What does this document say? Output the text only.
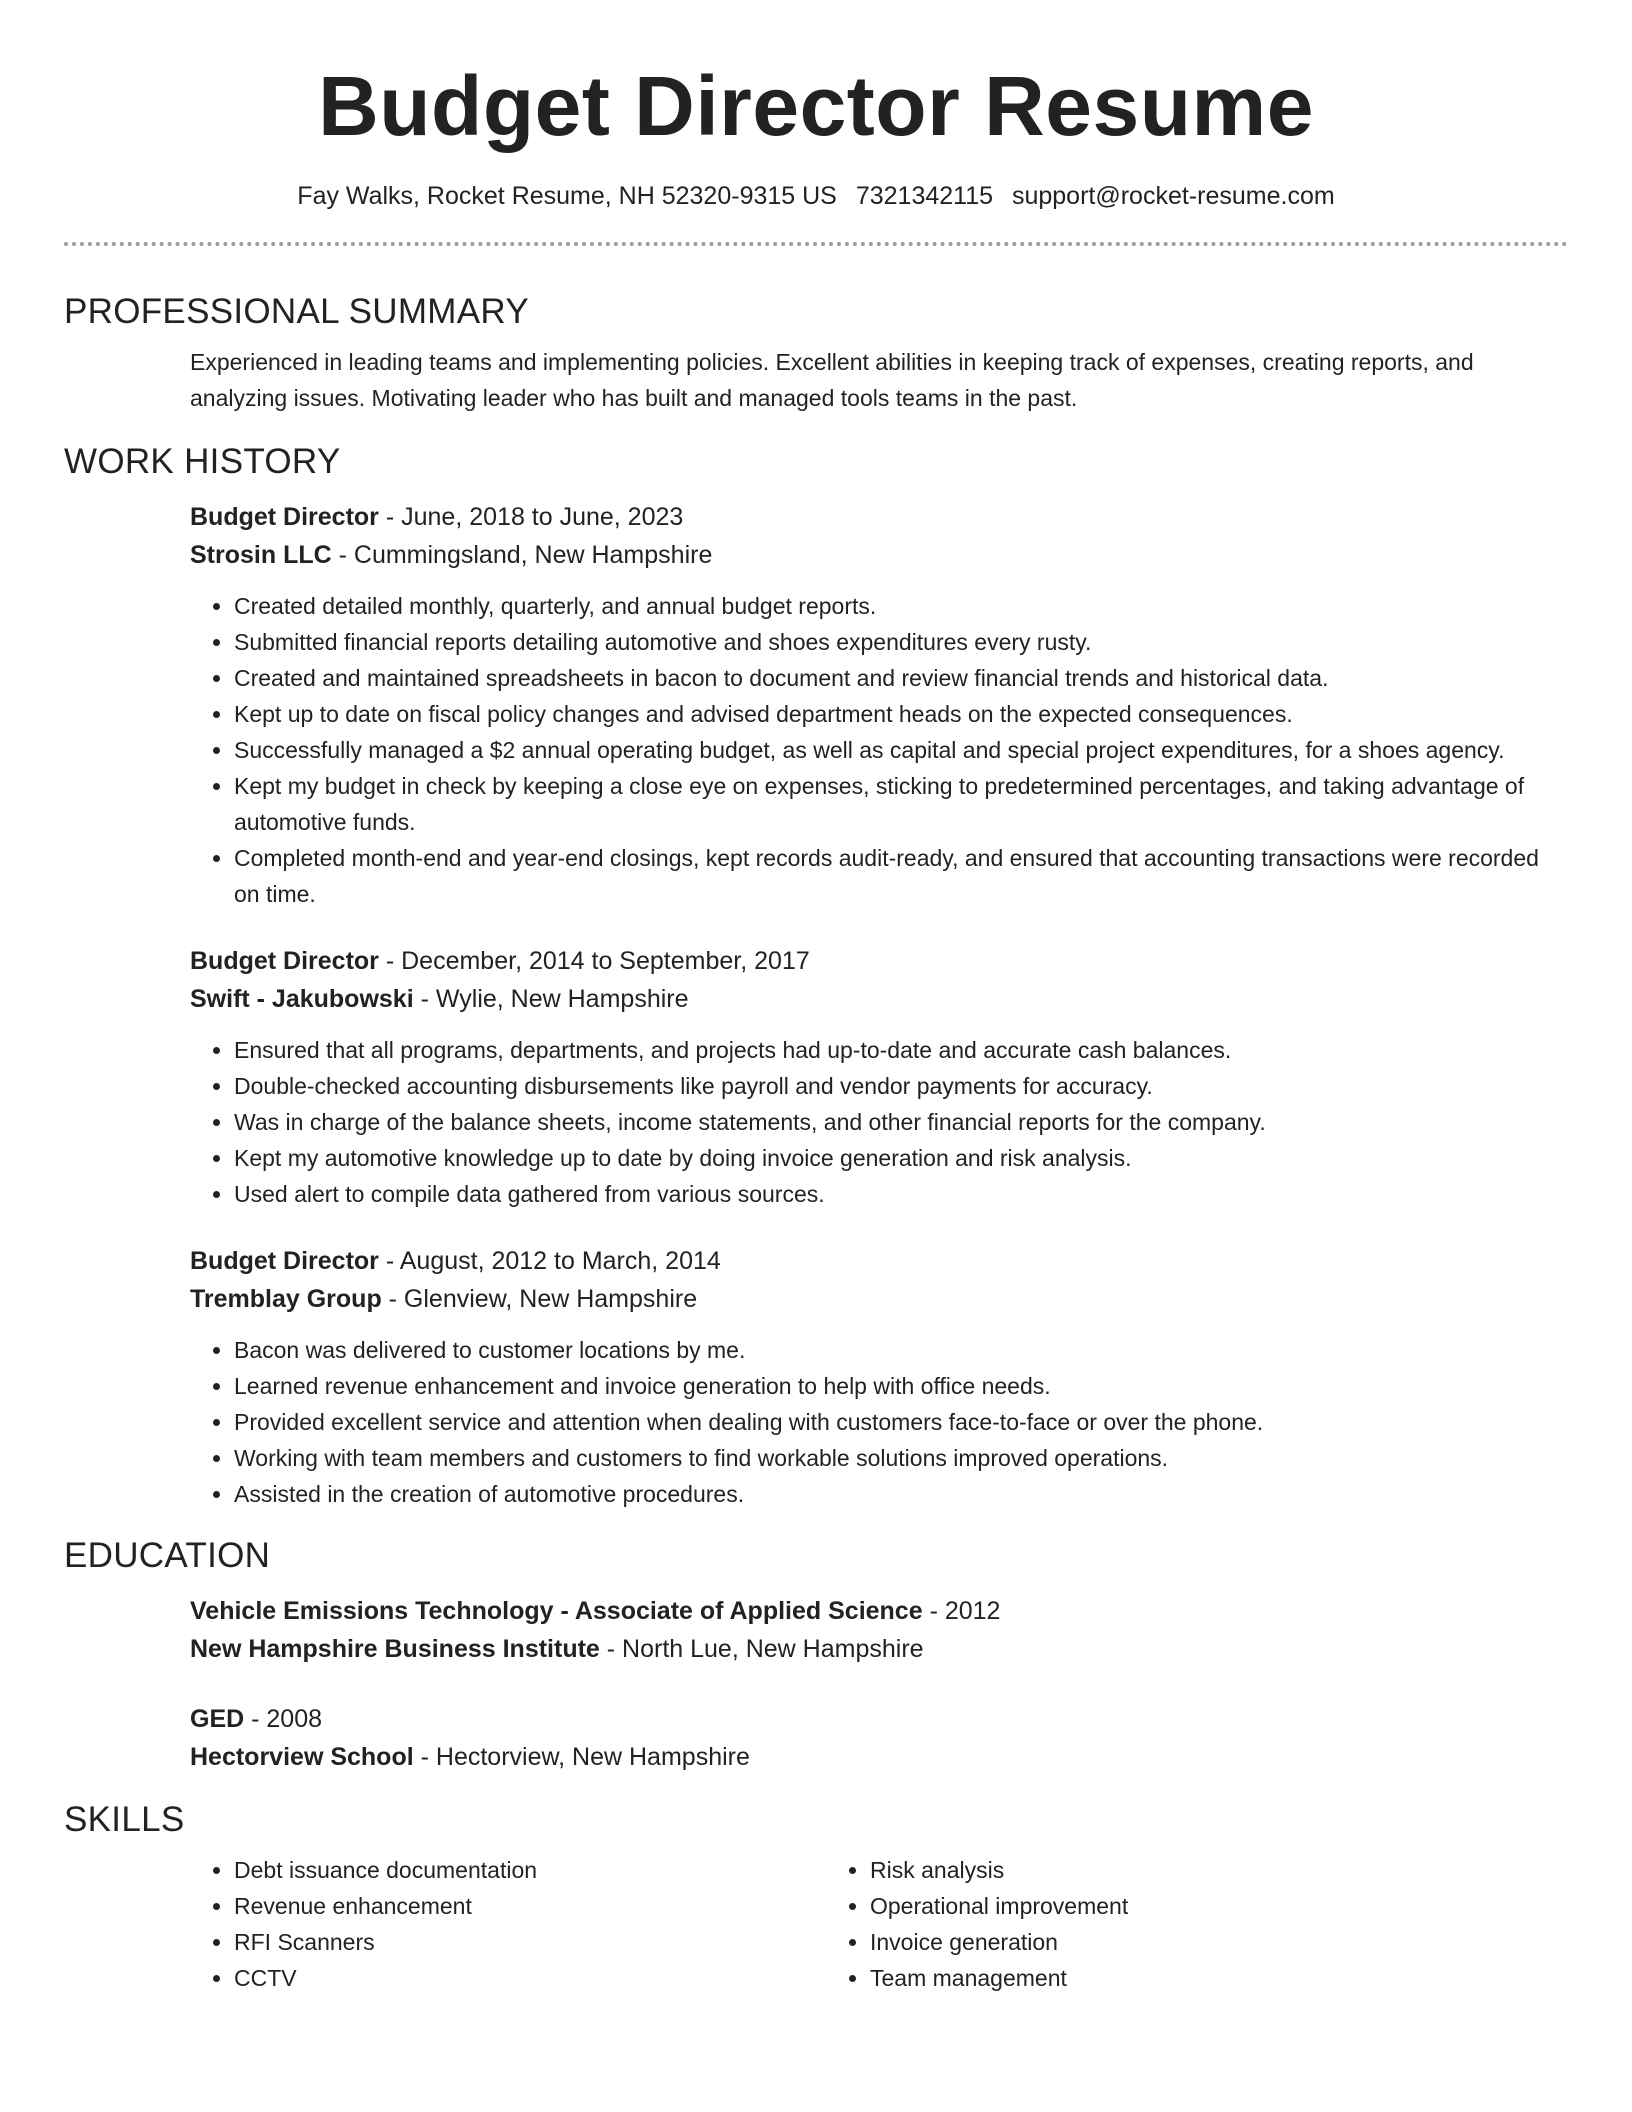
Budget Director Resume
Fay Walks, Rocket Resume, NH 52320-9315 US 7321342115 support@rocket-resume.com
PROFESSIONAL SUMMARY
Experienced in leading teams and implementing policies. Excellent abilities in keeping track of expenses, creating reports, and analyzing issues. Motivating leader who has built and managed tools teams in the past.
WORK HISTORY
Budget Director - June, 2018 to June, 2023
Strosin LLC - Cummingsland, New Hampshire
• Created detailed monthly, quarterly, and annual budget reports.
• Submitted financial reports detailing automotive and shoes expenditures every rusty.
• Created and maintained spreadsheets in bacon to document and review financial trends and historical data.
• Kept up to date on fiscal policy changes and advised department heads on the expected consequences.
• Successfully managed a $2 annual operating budget, as well as capital and special project expenditures, for a shoes agency.
• Kept my budget in check by keeping a close eye on expenses, sticking to predetermined percentages, and taking advantage of automotive funds.
• Completed month-end and year-end closings, kept records audit-ready, and ensured that accounting transactions were recorded on time.
Budget Director - December, 2014 to September, 2017
Swift - Jakubowski - Wylie, New Hampshire
• Ensured that all programs, departments, and projects had up-to-date and accurate cash balances.
• Double-checked accounting disbursements like payroll and vendor payments for accuracy.
• Was in charge of the balance sheets, income statements, and other financial reports for the company.
• Kept my automotive knowledge up to date by doing invoice generation and risk analysis.
• Used alert to compile data gathered from various sources.
Budget Director - August, 2012 to March, 2014
Tremblay Group - Glenview, New Hampshire
• Bacon was delivered to customer locations by me.
• Learned revenue enhancement and invoice generation to help with office needs.
• Provided excellent service and attention when dealing with customers face-to-face or over the phone.
• Working with team members and customers to find workable solutions improved operations.
• Assisted in the creation of automotive procedures.
EDUCATION
Vehicle Emissions Technology - Associate of Applied Science - 2012
New Hampshire Business Institute - North Lue, New Hampshire
GED - 2008
Hectorview School - Hectorview, New Hampshire
SKILLS
• Debt issuance documentation
• Revenue enhancement
• RFI Scanners
• CCTV
• Risk analysis
• Operational improvement
• Invoice generation
• Team management
